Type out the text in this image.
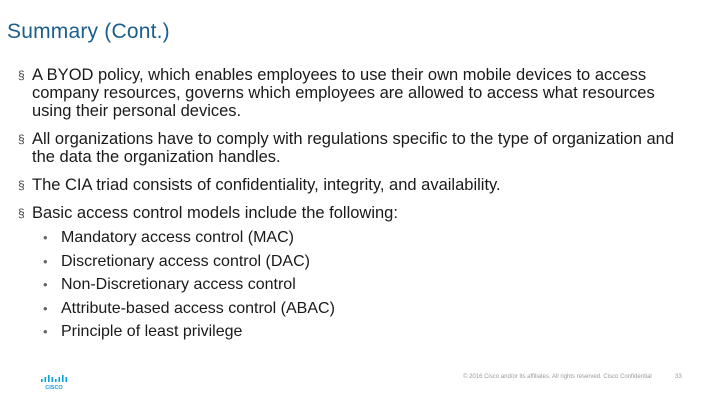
Summary (Cont.)
§ A BYOD policy, which enables employees to use their own mobile devices to access company resources, governs which employees are allowed to access what resources using their personal devices.
§ All organizations have to comply with regulations specific to the type of organization and the data the organization handles.
§ The CIA triad consists of confidentiality, integrity, and availability.
§ Basic access control models include the following:
• Mandatory access control (MAC)
• Discretionary access control (DAC)
• Non-Discretionary access control
• Attribute-based access control (ABAC)
• Principle of least privilege
CISCO
© 2016 Cisco and/or its affiliates. All rights reserved. Cisco Confidential	33
